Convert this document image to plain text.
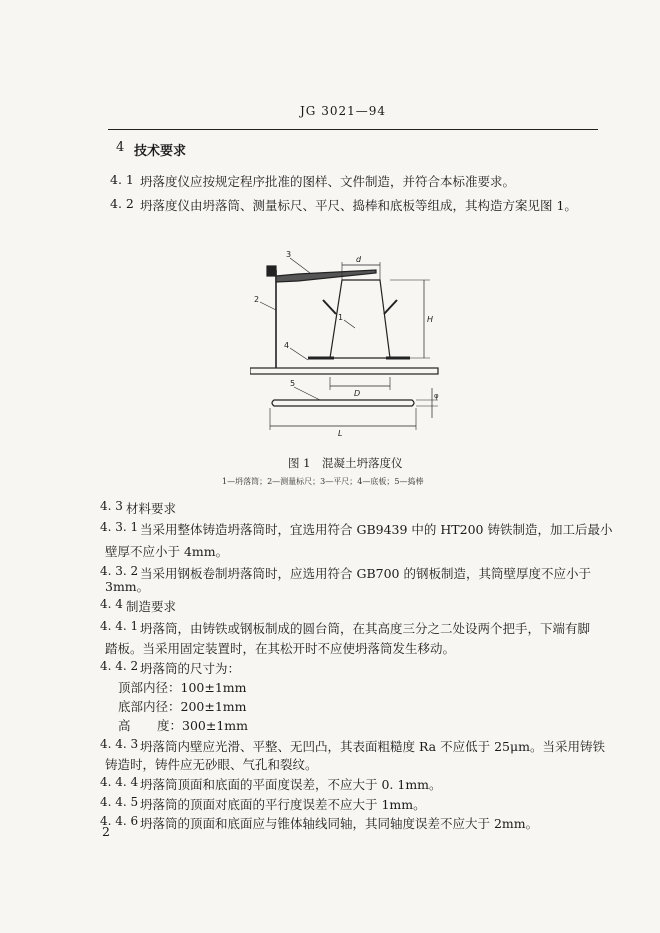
JG 3021—94
4 技术要求
4. 1 坍落度仪应按规定程序批准的图样、文件制造，并符合本标准要求。
4. 2 坍落度仪由坍落筒、测量标尺、平尺、捣棒和底板等组成，其构造方案见图 1。
1
2
3
4
5
d
D
L
H
φ
图 1　混凝土坍落度仪
1—坍落筒；2—测量标尺；3—平尺；4—底板；5—捣棒
4. 3 材料要求
4. 3. 1 当采用整体铸造坍落筒时，宜选用符合 GB9439 中的 HT200 铸铁制造，加工后最小
壁厚不应小于 4mm。
4. 3. 2 当采用钢板卷制坍落筒时，应选用符合 GB700 的钢板制造，其筒壁厚度不应小于
3mm。
4. 4 制造要求
4. 4. 1 坍落筒，由铸铁或钢板制成的圆台筒，在其高度三分之二处设两个把手，下端有脚
踏板。当采用固定装置时，在其松开时不应使坍落筒发生移动。
4. 4. 2 坍落筒的尺寸为：
顶部内径：100±1mm
底部内径：200±1mm
高 度：300±1mm
4. 4. 3 坍落筒内壁应光滑、平整、无凹凸，其表面粗糙度 Ra 不应低于 25μm。当采用铸铁
铸造时，铸件应无砂眼、气孔和裂纹。
4. 4. 4 坍落筒顶面和底面的平面度误差，不应大于 0. 1mm。
4. 4. 5 坍落筒的顶面对底面的平行度误差不应大于 1mm。
4. 4. 6 坍落筒的顶面和底面应与锥体轴线同轴，其同轴度误差不应大于 2mm。
2
